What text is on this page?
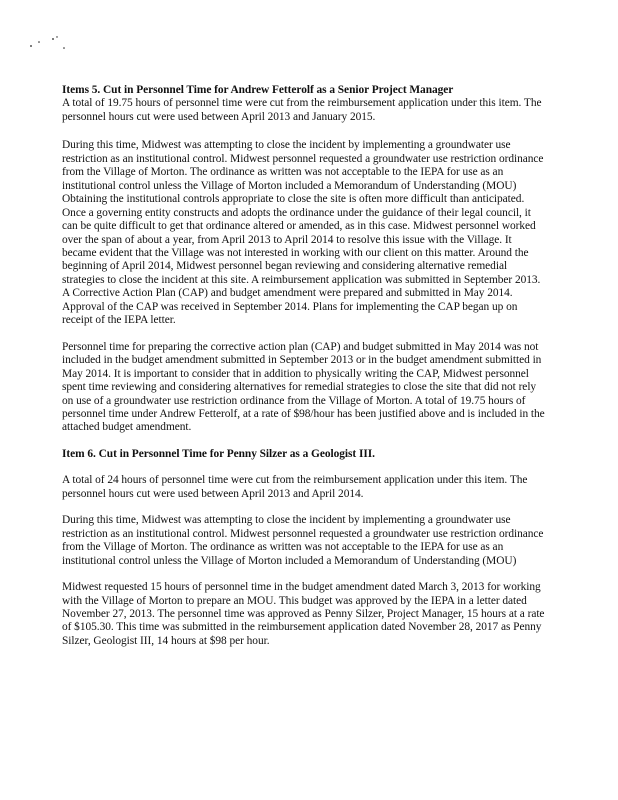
Items 5. Cut in Personnel Time for Andrew Fetterolf as a Senior Project Manager

A total of 19.75 hours of personnel time were cut from the reimbursement application under this item. The personnel hours cut were used between April 2013 and January 2015.

During this time, Midwest was attempting to close the incident by implementing a groundwater use restriction as an institutional control. Midwest personnel requested a groundwater use restriction ordinance from the Village of Morton. The ordinance as written was not acceptable to the IEPA for use as an institutional control unless the Village of Morton included a Memorandum of Understanding (MOU) Obtaining the institutional controls appropriate to close the site is often more difficult than anticipated. Once a governing entity constructs and adopts the ordinance under the guidance of their legal council, it can be quite difficult to get that ordinance altered or amended, as in this case. Midwest personnel worked over the span of about a year, from April 2013 to April 2014 to resolve this issue with the Village. It became evident that the Village was not interested in working with our client on this matter. Around the beginning of April 2014, Midwest personnel began reviewing and considering alternative remedial strategies to close the incident at this site. A reimbursement application was submitted in September 2013. A Corrective Action Plan (CAP) and budget amendment were prepared and submitted in May 2014. Approval of the CAP was received in September 2014. Plans for implementing the CAP began up on receipt of the IEPA letter.

Personnel time for preparing the corrective action plan (CAP) and budget submitted in May 2014 was not included in the budget amendment submitted in September 2013 or in the budget amendment submitted in May 2014. It is important to consider that in addition to physically writing the CAP, Midwest personnel spent time reviewing and considering alternatives for remedial strategies to close the site that did not rely on use of a groundwater use restriction ordinance from the Village of Morton. A total of 19.75 hours of personnel time under Andrew Fetterolf, at a rate of $98/hour has been justified above and is included in the attached budget amendment.

Item 6. Cut in Personnel Time for Penny Silzer as a Geologist III.

A total of 24 hours of personnel time were cut from the reimbursement application under this item. The personnel hours cut were used between April 2013 and April 2014.

During this time, Midwest was attempting to close the incident by implementing a groundwater use restriction as an institutional control. Midwest personnel requested a groundwater use restriction ordinance from the Village of Morton. The ordinance as written was not acceptable to the IEPA for use as an institutional control unless the Village of Morton included a Memorandum of Understanding (MOU)

Midwest requested 15 hours of personnel time in the budget amendment dated March 3, 2013 for working with the Village of Morton to prepare an MOU. This budget was approved by the IEPA in a letter dated November 27, 2013. The personnel time was approved as Penny Silzer, Project Manager, 15 hours at a rate of $105.30. This time was submitted in the reimbursement application dated November 28, 2017 as Penny Silzer, Geologist III, 14 hours at $98 per hour.
